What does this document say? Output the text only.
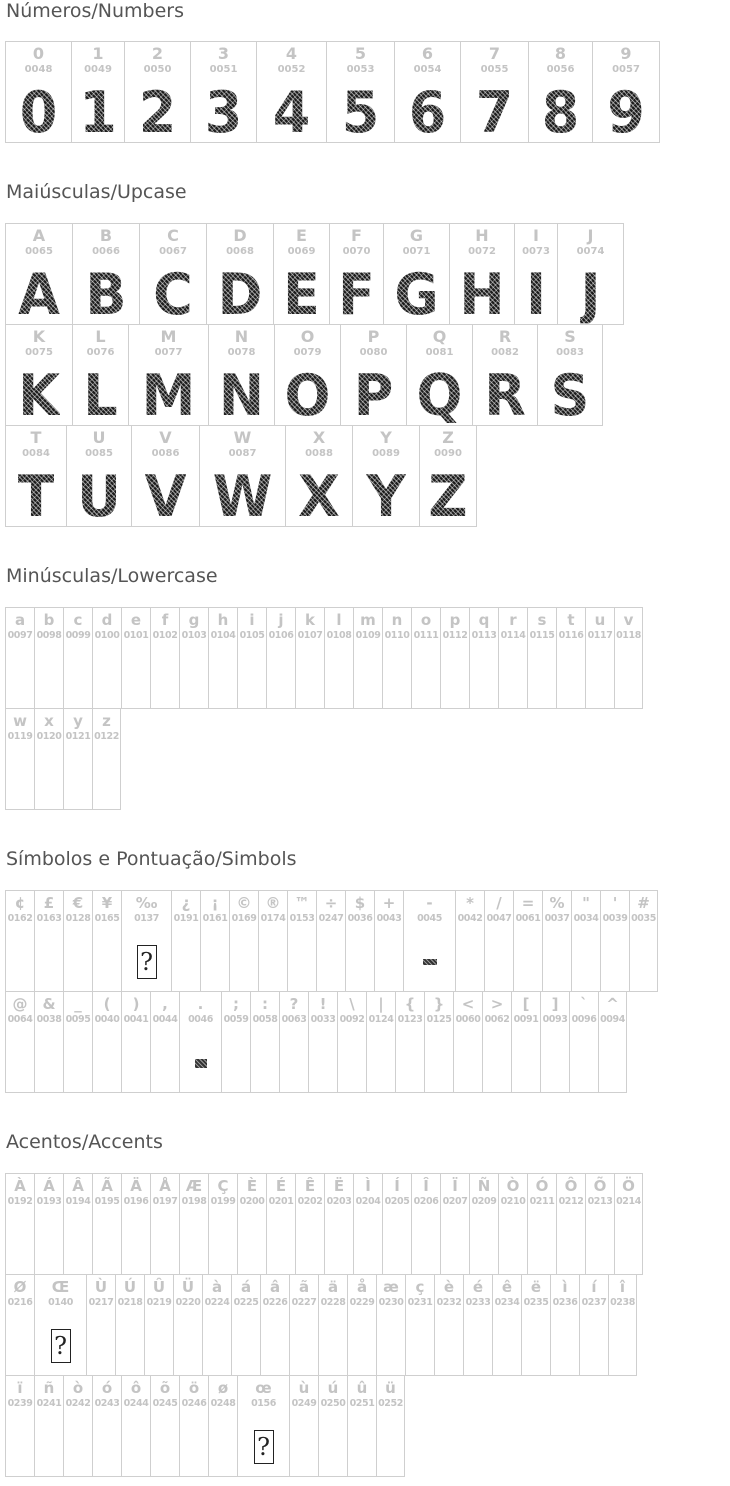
Números/Numbers
Maiúsculas/Upcase
Minúsculas/Lowercase
Símbolos e Pontuação/Simbols
Acentos/Accents
0
0048
0
1
0049
1
2
0050
2
3
0051
3
4
0052
4
5
0053
5
6
0054
6
7
0055
7
8
0056
8
9
0057
9
A
0065
A
B
0066
B
C
0067
C
D
0068
D
E
0069
E
F
0070
F
G
0071
G
H
0072
H
I
0073
I
J
0074
J
K
0075
K
L
0076
L
M
0077
M
N
0078
N
O
0079
O
P
0080
P
Q
0081
Q
R
0082
R
S
0083
S
T
0084
T
U
0085
U
V
0086
V
W
0087
W
X
0088
X
Y
0089
Y
Z
0090
Z
a
0097
b
0098
c
0099
d
0100
e
0101
f
0102
g
0103
h
0104
i
0105
j
0106
k
0107
l
0108
m
0109
n
0110
o
0111
p
0112
q
0113
r
0114
s
0115
t
0116
u
0117
v
0118
w
0119
x
0120
y
0121
z
0122
¢
0162
£
0163
€
0128
¥
0165
‰
0137
?
¿
0191
¡
0161
©
0169
®
0174
™
0153
÷
0247
$
0036
+
0043
-
0045
*
0042
/
0047
=
0061
%
0037
"
0034
'
0039
#
0035
@
0064
&
0038
_
0095
(
0040
)
0041
,
0044
.
0046
;
0059
:
0058
?
0063
!
0033
\
0092
|
0124
{
0123
}
0125
<
0060
>
0062
[
0091
]
0093
`
0096
^
0094
À
0192
Á
0193
Â
0194
Ã
0195
Ä
0196
Å
0197
Æ
0198
Ç
0199
È
0200
É
0201
Ê
0202
Ë
0203
Ì
0204
Í
0205
Î
0206
Ï
0207
Ñ
0209
Ò
0210
Ó
0211
Ô
0212
Õ
0213
Ö
0214
Ø
0216
Œ
0140
?
Ù
0217
Ú
0218
Û
0219
Ü
0220
à
0224
á
0225
â
0226
ã
0227
ä
0228
å
0229
æ
0230
ç
0231
è
0232
é
0233
ê
0234
ë
0235
ì
0236
í
0237
î
0238
ï
0239
ñ
0241
ò
0242
ó
0243
ô
0244
õ
0245
ö
0246
ø
0248
œ
0156
?
ù
0249
ú
0250
û
0251
ü
0252
